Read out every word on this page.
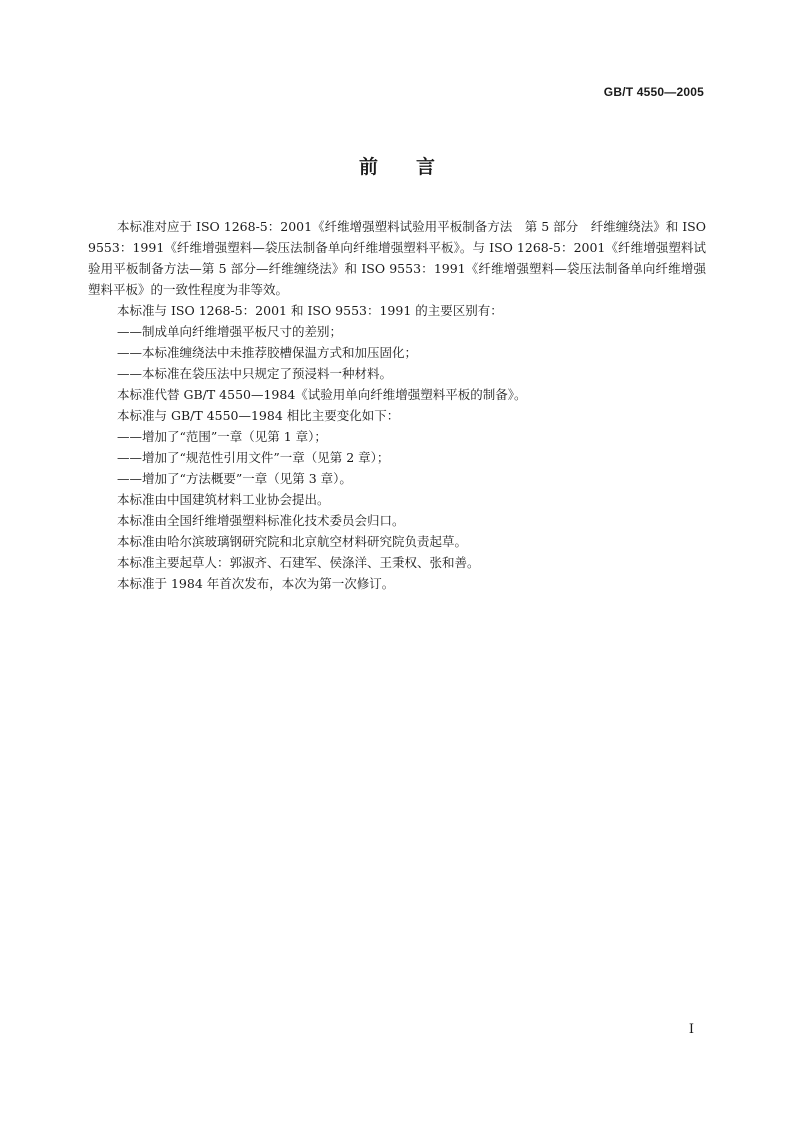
GB/T 4550—2005
前言

本标准对应于 ISO 1268-5：2001《纤维增强塑料试验用平板制备方法　第 5 部分　纤维缠绕法》和 ISO 9553：1991《纤维增强塑料—袋压法制备单向纤维增强塑料平板》。与 ISO 1268-5：2001《纤维增强塑料试验用平板制备方法—第 5 部分—纤维缠绕法》和 ISO 9553：1991《纤维增强塑料—袋压法制备单向纤维增强塑料平板》的一致性程度为非等效。

本标准与 ISO 1268-5：2001 和 ISO 9553：1991 的主要区别有：

——制成单向纤维增强平板尺寸的差别；

——本标准缠绕法中未推荐胶槽保温方式和加压固化；

——本标准在袋压法中只规定了预浸料一种材料。

本标准代替 GB/T 4550—1984《试验用单向纤维增强塑料平板的制备》。

本标准与 GB/T 4550—1984 相比主要变化如下：

——增加了“范围”一章（见第 1 章）；

——增加了“规范性引用文件”一章（见第 2 章）；

——增加了“方法概要”一章（见第 3 章）。

本标准由中国建筑材料工业协会提出。

本标准由全国纤维增强塑料标准化技术委员会归口。

本标准由哈尔滨玻璃钢研究院和北京航空材料研究院负责起草。

本标准主要起草人：郭淑齐、石建军、侯涤洋、王秉权、张和善。

本标准于 1984 年首次发布，本次为第一次修订。

I
